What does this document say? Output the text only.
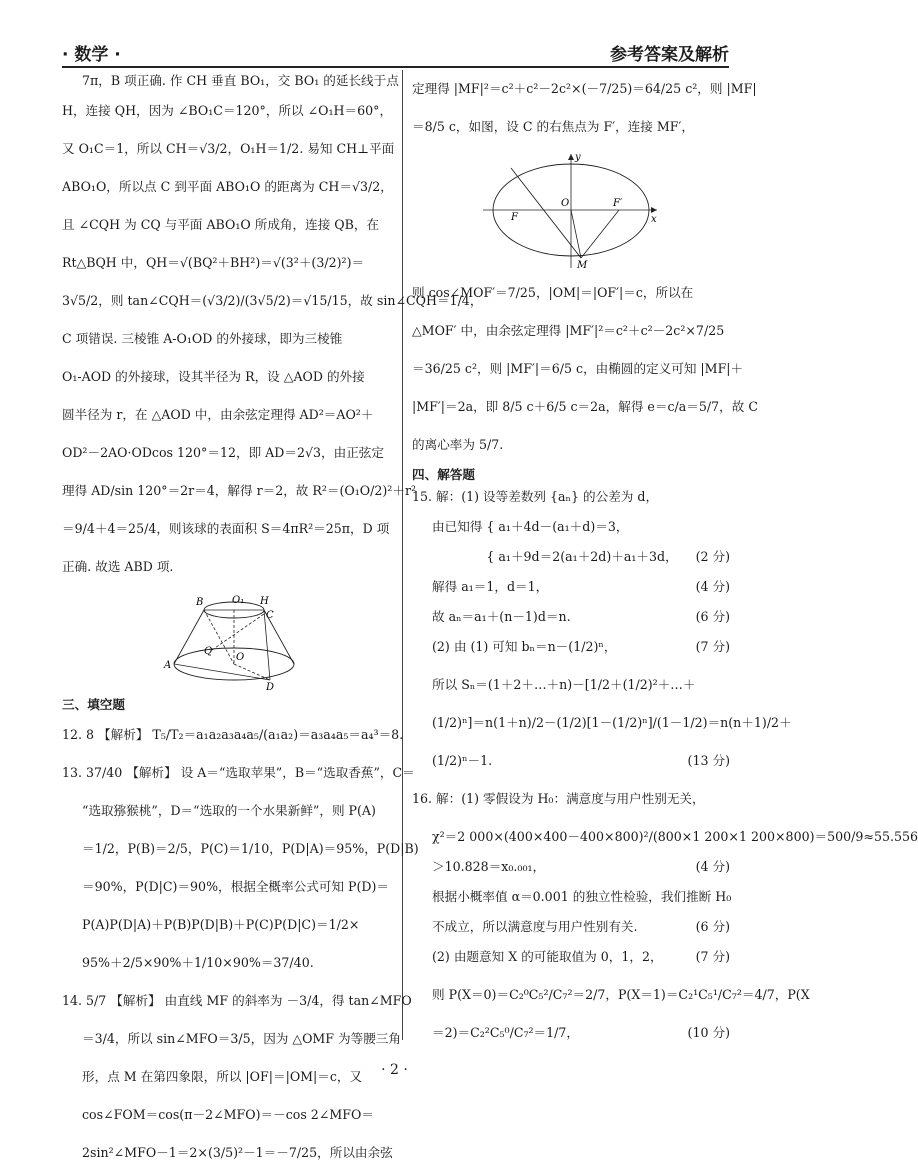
· 数学 ·	参考答案及解析
7π，B 项正确. 作 CH 垂直 BO₁，交 BO₁ 的延长线于点
H，连接 QH，因为 ∠BO₁C＝120°，所以 ∠O₁H＝60°，
又 O₁C＝1，所以 CH＝√3/2，O₁H＝1/2. 易知 CH⊥平面
ABO₁O，所以点 C 到平面 ABO₁O 的距离为 CH＝√3/2，
且 ∠CQH 为 CQ 与平面 ABO₁O 所成角，连接 QB，在
Rt△BQH 中，QH＝√(BQ²＋BH²)＝√(3²＋(3/2)²)＝
3√5/2，则 tan∠CQH＝(√3/2)/(3√5/2)＝√15/15，故 sin∠CQH＝1/4，
C 项错误. 三棱锥 A-O₁OD 的外接球，即为三棱锥
O₁-AOD 的外接球，设其半径为 R，设 △AOD 的外接
圆半径为 r，在 △AOD 中，由余弦定理得 AD²＝AO²＋
OD²－2AO·ODcos 120°＝12，即 AD＝2√3，由正弦定
理得 AD/sin 120°＝2r＝4，解得 r＝2，故 R²＝(O₁O/2)²＋r²
＝9/4＋4＝25/4，则该球的表面积 S＝4πR²＝25π，D 项
正确. 故选 ABD 项.
B	O₁ H
C
Q
O
A
D
三、填空题
12. 8 【解析】 T₅/T₂＝a₁a₂a₃a₄a₅/(a₁a₂)＝a₃a₄a₅＝a₄³＝8.
13. 37/40 【解析】 设 A＝“选取苹果”，B＝“选取香蕉”，C＝
“选取猕猴桃”，D＝“选取的一个水果新鲜”，则 P(A)
＝1/2，P(B)＝2/5，P(C)＝1/10，P(D|A)＝95%，P(D|B)
＝90%，P(D|C)＝90%，根据全概率公式可知 P(D)＝
P(A)P(D|A)＋P(B)P(D|B)＋P(C)P(D|C)＝1/2×
95%＋2/5×90%＋1/10×90%＝37/40.
14. 5/7 【解析】 由直线 MF 的斜率为 －3/4，得 tan∠MFO
＝3/4，所以 sin∠MFO＝3/5，因为 △OMF 为等腰三角
形，点 M 在第四象限，所以 |OF|＝|OM|＝c，又
cos∠FOM＝cos(π－2∠MFO)＝－cos 2∠MFO＝
2sin²∠MFO－1＝2×(3/5)²－1＝－7/25，所以由余弦
定理得 |MF|²＝c²＋c²－2c²×(－7/25)＝64/25 c²，则 |MF|
＝8/5 c，如图，设 C 的右焦点为 F′，连接 MF′，
y
x
O
F
F′
M
则 cos∠MOF′＝7/25，|OM|＝|OF′|＝c，所以在
△MOF′ 中，由余弦定理得 |MF′|²＝c²＋c²－2c²×7/25
＝36/25 c²，则 |MF′|＝6/5 c，由椭圆的定义可知 |MF|＋
|MF′|＝2a，即 8/5 c＋6/5 c＝2a，解得 e＝c/a＝5/7，故 C
的离心率为 5/7.
四、解答题
15. 解：(1) 设等差数列 {aₙ} 的公差为 d，
由已知得 { a₁＋4d－(a₁＋d)＝3，
　　　　 { a₁＋9d＝2(a₁＋2d)＋a₁＋3d， (2 分)
解得 a₁＝1，d＝1，	(4 分)
故 aₙ＝a₁＋(n－1)d＝n.	(6 分)
(2) 由 (1) 可知 bₙ＝n－(1/2)ⁿ，	(7 分)
所以 Sₙ＝(1＋2＋…＋n)－[1/2＋(1/2)²＋…＋
(1/2)ⁿ]＝n(1＋n)/2－(1/2)[1－(1/2)ⁿ]/(1－1/2)＝n(n＋1)/2＋
(1/2)ⁿ－1.	(13 分)
16. 解：(1) 零假设为 H₀：满意度与用户性别无关，
χ²＝2 000×(400×400－400×800)²/(800×1 200×1 200×800)＝500/9≈55.556
＞10.828＝x₀.₀₀₁，	(4 分)
根据小概率值 α＝0.001 的独立性检验，我们推断 H₀
不成立，所以满意度与用户性别有关.	(6 分)
(2) 由题意知 X 的可能取值为 0，1，2，	(7 分)
则 P(X＝0)＝C₂⁰C₅²/C₇²＝2/7，P(X＝1)＝C₂¹C₅¹/C₇²＝4/7，P(X
＝2)＝C₂²C₅⁰/C₇²＝1/7，	(10 分)
· 2 ·
